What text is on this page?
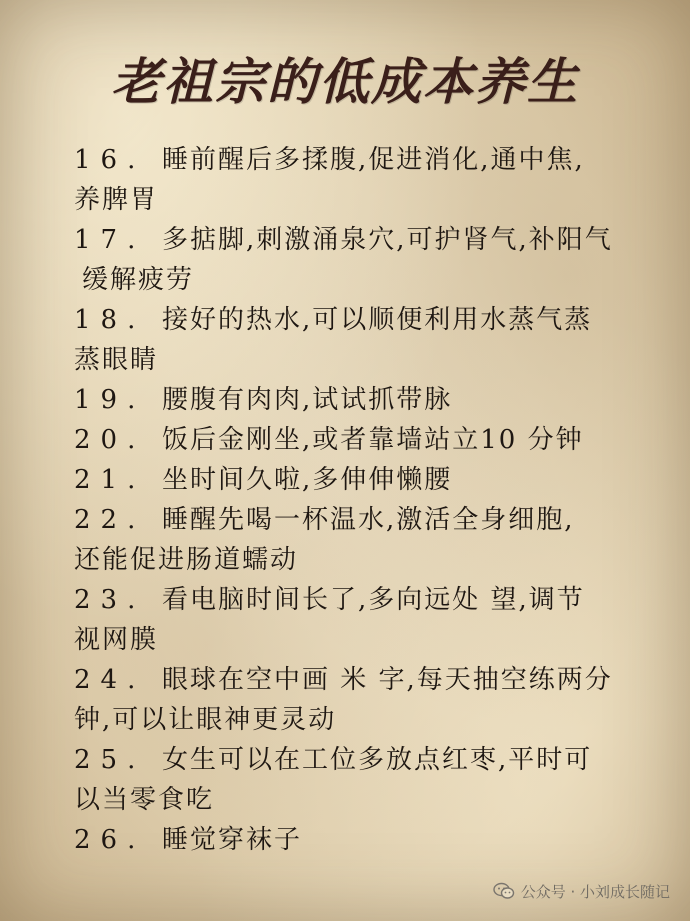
老祖宗的低成本养生
16. 睡前醒后多揉腹,促进消化,通中焦,
养脾胃
17. 多掂脚,刺激涌泉穴,可护肾气,补阳气
缓解疲劳
18. 接好的热水,可以顺便利用水蒸气蒸
蒸眼睛
19. 腰腹有肉肉,试试抓带脉
20. 饭后金刚坐,或者靠墙站立10 分钟
21. 坐时间久啦,多伸伸懒腰
22. 睡醒先喝一杯温水,激活全身细胞,
还能促进肠道蠕动
23. 看电脑时间长了,多向远处 望,调节
视网膜
24. 眼球在空中画 米 字,每天抽空练两分
钟,可以让眼神更灵动
25. 女生可以在工位多放点红枣,平时可
以当零食吃
26. 睡觉穿袜子
公众号 · 小刘成长随记
